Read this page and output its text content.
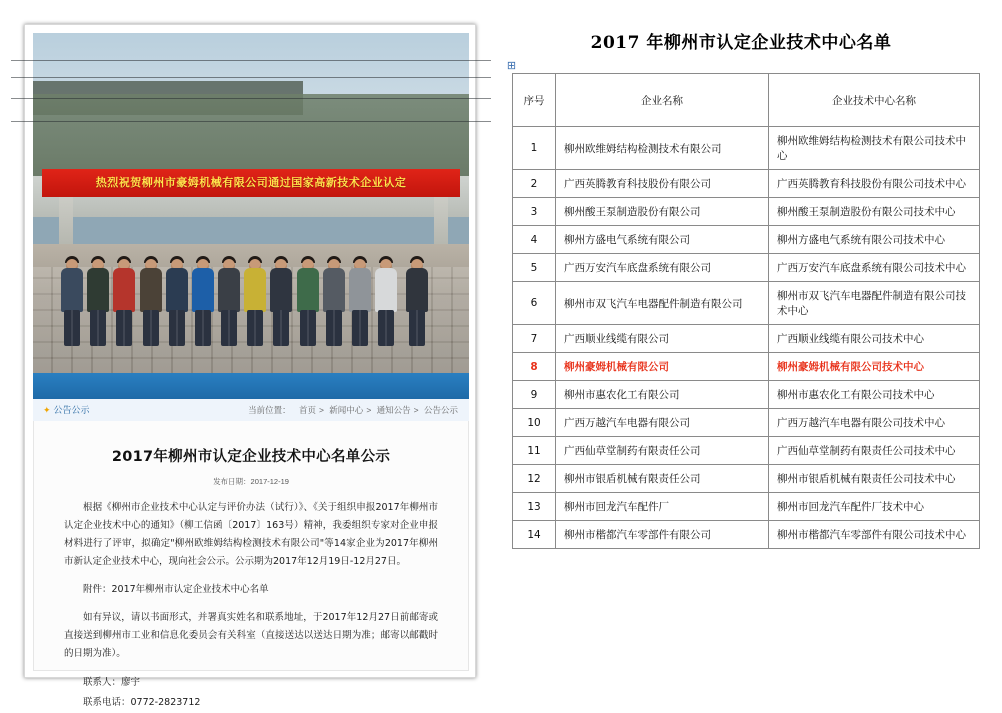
热烈祝贺柳州市豪姆机械有限公司通过国家高新技术企业认定
✦ 公告公示	当前位置： 首页 > 新闻中心 > 通知公告 > 公告公示
2017年柳州市认定企业技术中心名单公示
发布日期：2017-12-19

根据《柳州市企业技术中心认定与评价办法（试行）》、《关于组织申报2017年柳州市认定企业技术中心的通知》（柳工信函〔2017〕163号）精神，我委组织专家对企业申报材料进行了评审，拟确定"柳州欧维姆结构检测技术有限公司"等14家企业为2017年柳州市新认定企业技术中心，现向社会公示。公示期为2017年12月19日-12月27日。

附件：2017年柳州市认定企业技术中心名单

如有异议，请以书面形式，并署真实姓名和联系地址，于2017年12月27日前邮寄或直接送到柳州市工业和信息化委员会有关科室（直接送达以送达日期为准；邮寄以邮戳时的日期为准）。

联系人：廖宇
联系电话：0772-2823712
2017 年柳州市认定企业技术中心名单
⊞
序号	企业名称	企业技术中心名称
1	柳州欧维姆结构检测技术有限公司	柳州欧维姆结构检测技术有限公司技术中心
2	广西英腾教育科技股份有限公司	广西英腾教育科技股份有限公司技术中心
3	柳州酸王泵制造股份有限公司	柳州酸王泵制造股份有限公司技术中心
4	柳州方盛电气系统有限公司	柳州方盛电气系统有限公司技术中心
5	广西万安汽车底盘系统有限公司	广西万安汽车底盘系统有限公司技术中心
6	柳州市双飞汽车电器配件制造有限公司	柳州市双飞汽车电器配件制造有限公司技术中心
7	广西顺业线缆有限公司	广西顺业线缆有限公司技术中心
8	柳州豪姆机械有限公司	柳州豪姆机械有限公司技术中心
9	柳州市惠农化工有限公司	柳州市惠农化工有限公司技术中心
10	广西万越汽车电器有限公司	广西万越汽车电器有限公司技术中心
11	广西仙草堂制药有限责任公司	广西仙草堂制药有限责任公司技术中心
12	柳州市银盾机械有限责任公司	柳州市银盾机械有限责任公司技术中心
13	柳州市回龙汽车配件厂	柳州市回龙汽车配件厂技术中心
14	柳州市楷都汽车零部件有限公司	柳州市楷都汽车零部件有限公司技术中心
